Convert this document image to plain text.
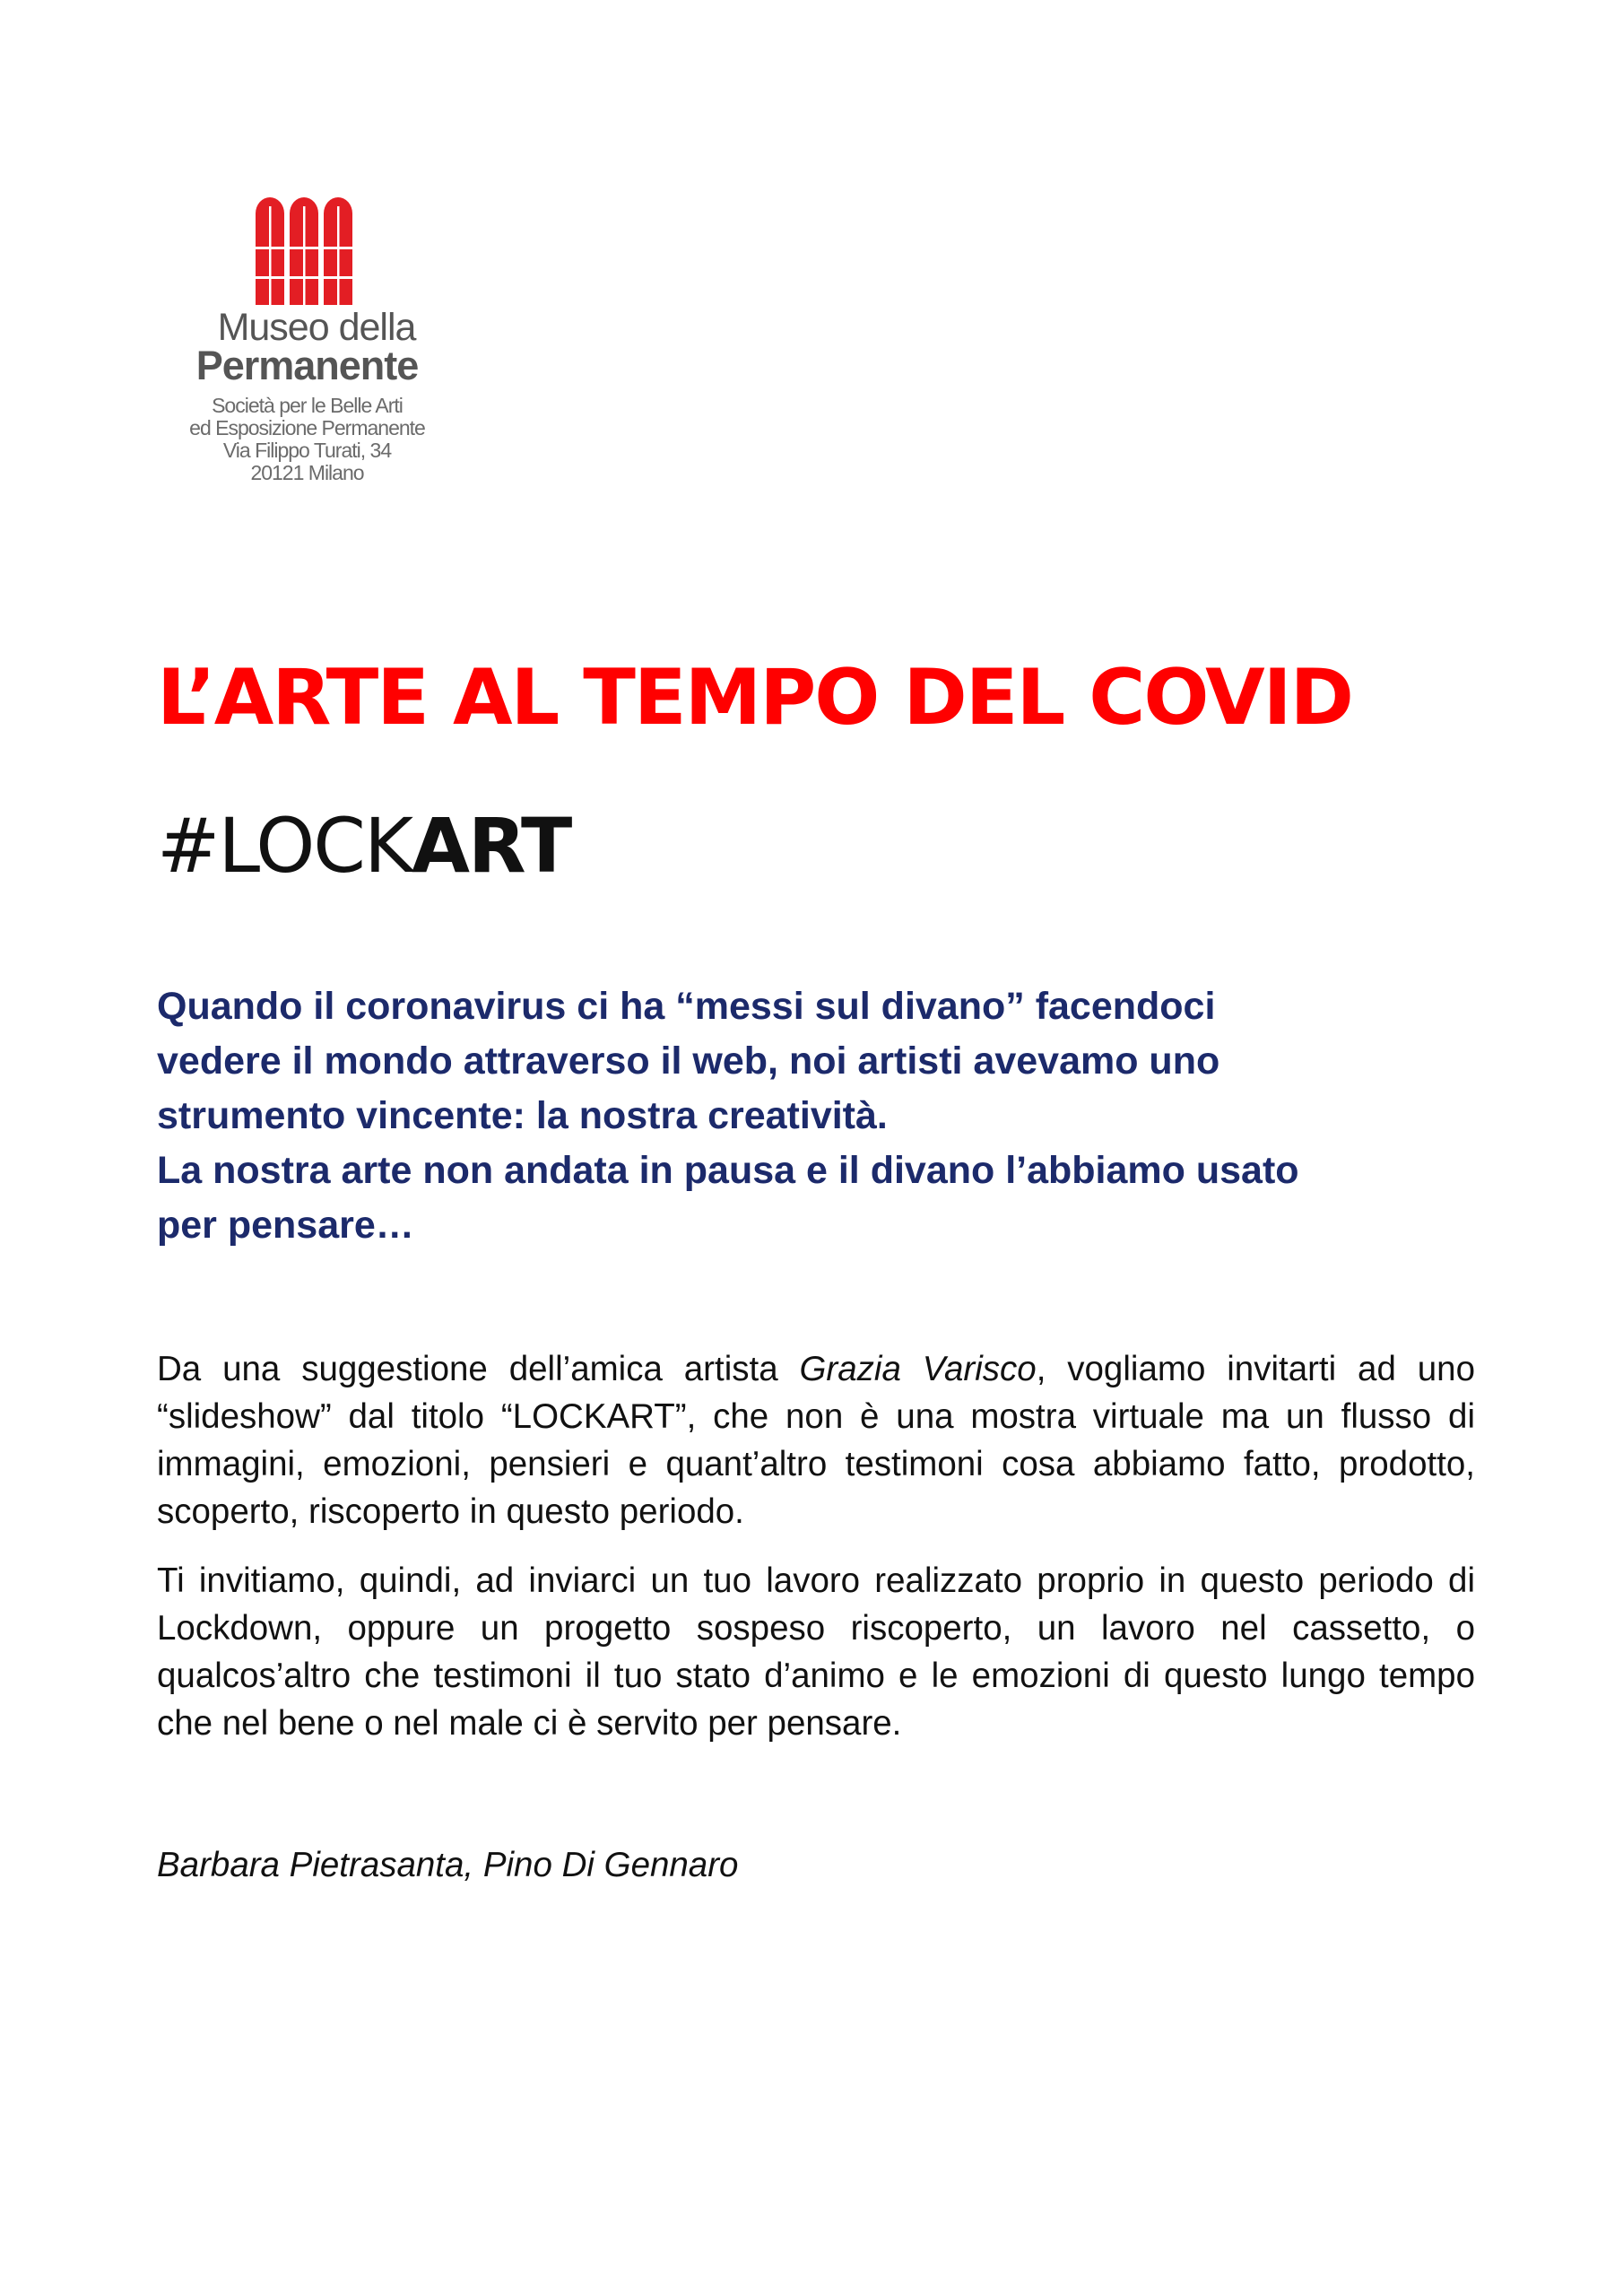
Museo della
Permanente
Società per le Belle Arti
ed Esposizione Permanente
Via Filippo Turati, 34
20121 Milano
L’ARTE AL TEMPO DEL COVID
#LOCKART
Quando il coronavirus ci ha “messi sul divano” facendoci
vedere il mondo attraverso il web, noi artisti avevamo uno
strumento vincente: la nostra creatività.
La nostra arte non andata in pausa e il divano l’abbiamo usato
per pensare…

Da una suggestione dell’amica artista Grazia Varisco, vogliamo invitarti ad uno “slideshow” dal titolo “LOCKART”, che non è una mostra virtuale ma un flusso di immagini, emozioni, pensieri e quant’altro testimoni cosa abbiamo fatto, prodotto, scoperto, riscoperto in questo periodo.

Ti invitiamo, quindi, ad inviarci un tuo lavoro realizzato proprio in questo periodo di Lockdown, oppure un progetto sospeso riscoperto, un lavoro nel cassetto, o qualcos’altro che testimoni il tuo stato d’animo e le emozioni di questo lungo tempo che nel bene o nel male ci è servito per pensare.

Barbara Pietrasanta, Pino Di Gennaro
